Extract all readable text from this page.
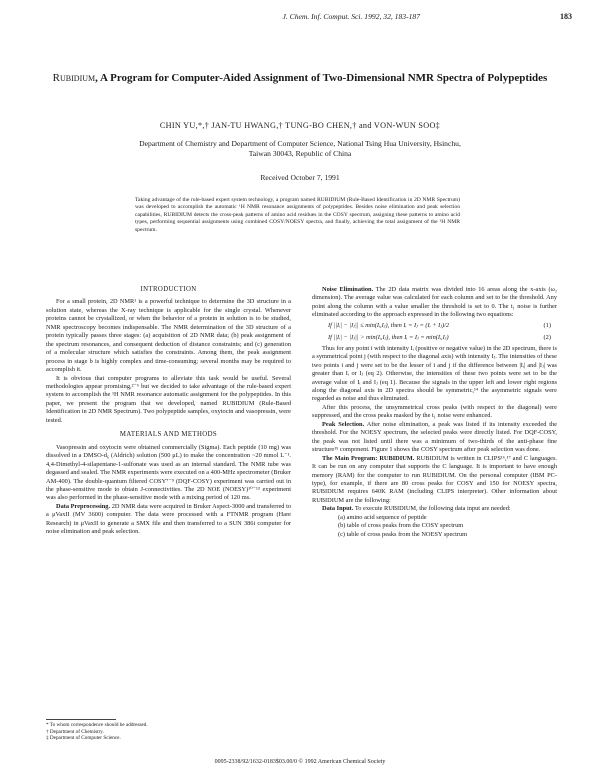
J. Chem. Inf. Comput. Sci. 1992, 32, 183-187	183
Rubidium, A Program for Computer-Aided Assignment of Two-Dimensional NMR Spectra of Polypeptides
CHIN YU,*,† JAN-TU HWANG,† TUNG-BO CHEN,† and VON-WUN SOO‡
Department of Chemistry and Department of Computer Science, National Tsing Hua University, Hsinchu,
Taiwan 30043, Republic of China
Received October 7, 1991
Taking advantage of the rule-based expert system technology, a program named RUBIDIUM (Rule-Based Identification in 2D NMR Spectrum) was developed to accomplish the automatic ¹H NMR resonance assignments of polypeptides. Besides noise elimination and peak selection capabilities, RUBIDIUM detects the cross-peak patterns of amino acid residues in the COSY spectrum, assigning these patterns to amino acid types, performing sequential assignments using combined COSY/NOESY spectra, and finally, achieving the total assignment of the ¹H NMR spectrum.
INTRODUCTION

For a small protein, 2D NMR¹ is a powerful technique to determine the 3D structure in a solution state, whereas the X-ray technique is applicable for the single crystal. Whenever proteins cannot be crystallized, or when the behavior of a protein in solution is to be studied, NMR spectroscopy becomes indispensable. The NMR determination of the 3D structure of a protein typically passes three stages: (a) acquisition of 2D NMR data; (b) peak assignment of the spectrum resonances, and consequent deduction of distance constraints; and (c) generation of a molecular structure which satisfies the constraints. Among them, the peak assignment process in stage b is highly complex and time-consuming; several months may be required to accomplish it.

It is obvious that computer programs to alleviate this task would be useful. Several methodologies appear promising,²⁻⁶ but we decided to take advantage of the rule-based expert system to accomplish the ¹H NMR resonance automatic assignment for the polypeptides. In this paper, we present the program that we developed, named RUBIDIUM (Rule-Based Identification in 2D NMR Spectrum). Two polypeptide samples, oxytocin and vasopressin, were tested.

MATERIALS AND METHODS

Vasopressin and oxytocin were obtained commercially (Sigma). Each peptide (10 mg) was dissolved in a DMSO-d₆ (Aldrich) solution (500 μL) to make the concentration ~20 mmol L⁻¹. 4,4-Dimethyl-4-silapentane-1-sulfonate was used as an internal standard. The NMR tube was degassed and sealed. The NMR experiments were executed on a 400-MHz spectrometer (Bruker AM-400). The double-quantum filtered COSY⁷⁻⁹ (DQF-COSY) experiment was carried out in the phase-sensitive mode to obtain J-connectivities. The 2D NOE (NOESY)¹⁰⁻¹³ experiment was also performed in the phase-sensitive mode with a mixing period of 120 ms.

Data Preprocessing. 2D NMR data were acquired in Bruker Aspect-3000 and transferred to a μVaxII (MV 3600) computer. The data were processed with a FTNMR program (Hare Research) in μVaxII to generate a SMX file and then transferred to a SUN 386i computer for noise elimination and peak selection.

* To whom correspondence should be addressed.
† Department of Chemistry.
‡ Department of Computer Science.

Noise Elimination. The 2D data matrix was divided into 16 areas along the x-axis (ω₂ dimension). The average value was calculated for each column and set to be the threshold. Any point along the column with a value smaller the threshold is set to 0. The t₁ noise is further eliminated according to the approach expressed in the following two equations:

If ||Iᵢ| − |Iⱼ|| ≤ min(Iᵢ,Iⱼ), then Iᵢ = Iⱼ = (Iᵢ + Iⱼ)/2	(1)
If ||Iᵢ| − |Iⱼ|| > min(Iᵢ,Iⱼ), then Iᵢ = Iⱼ = min(Iᵢ,Iⱼ)	(2)

Thus for any point i with intensity Iᵢ (positive or negative value) in the 2D spectrum, there is a symmetrical point j (with respect to the diagonal axis) with intensity Iⱼ. The intensities of these two points i and j were set to be the lesser of i and j if the difference between |Iᵢ| and |Iⱼ| was greater than Iᵢ or Iⱼ (eq 2). Otherwise, the intensities of these two points were set to be the average value of Iᵢ and Iⱼ (eq 1). Because the signals in the upper left and lower right regions along the diagonal axis in 2D spectra should be symmetric,¹⁴ the asymmetric signals were regarded as noise and thus eliminated.

After this process, the unsymmetrical cross peaks (with respect to the diagonal) were suppressed, and the cross peaks masked by the t₁ noise were enhanced.

Peak Selection. After noise elimination, a peak was listed if its intensity exceeded the threshold. For the NOESY spectrum, the selected peaks were directly listed. For DQF-COSY, the peak was not listed until there was a minimum of two-thirds of the anti-phase fine structure¹⁵ component. Figure 1 shows the COSY spectrum after peak selection was done.

The Main Program: RUBIDIUM. RUBIDIUM is written in CLIPS¹⁶,¹⁷ and C languages. It can be run on any computer that supports the C language. It is important to have enough memory (RAM) for the computer to run RUBIDIUM. On the personal computer (IBM PC-type), for example, if there are 80 cross peaks for COSY and 150 for NOESY spectra, RUBIDIUM requires 640K RAM (including CLIPS interpreter). Other information about RUBIDIUM are the following:

Data Input. To execute RUBIDIUM, the following data input are needed:

(a) amino acid sequence of peptide
(b) table of cross peaks from the COSY spectrum
(c) table of cross peaks from the NOESY spectrum
0095-2338/92/1632-0183$03.00/0 © 1992 American Chemical Society
